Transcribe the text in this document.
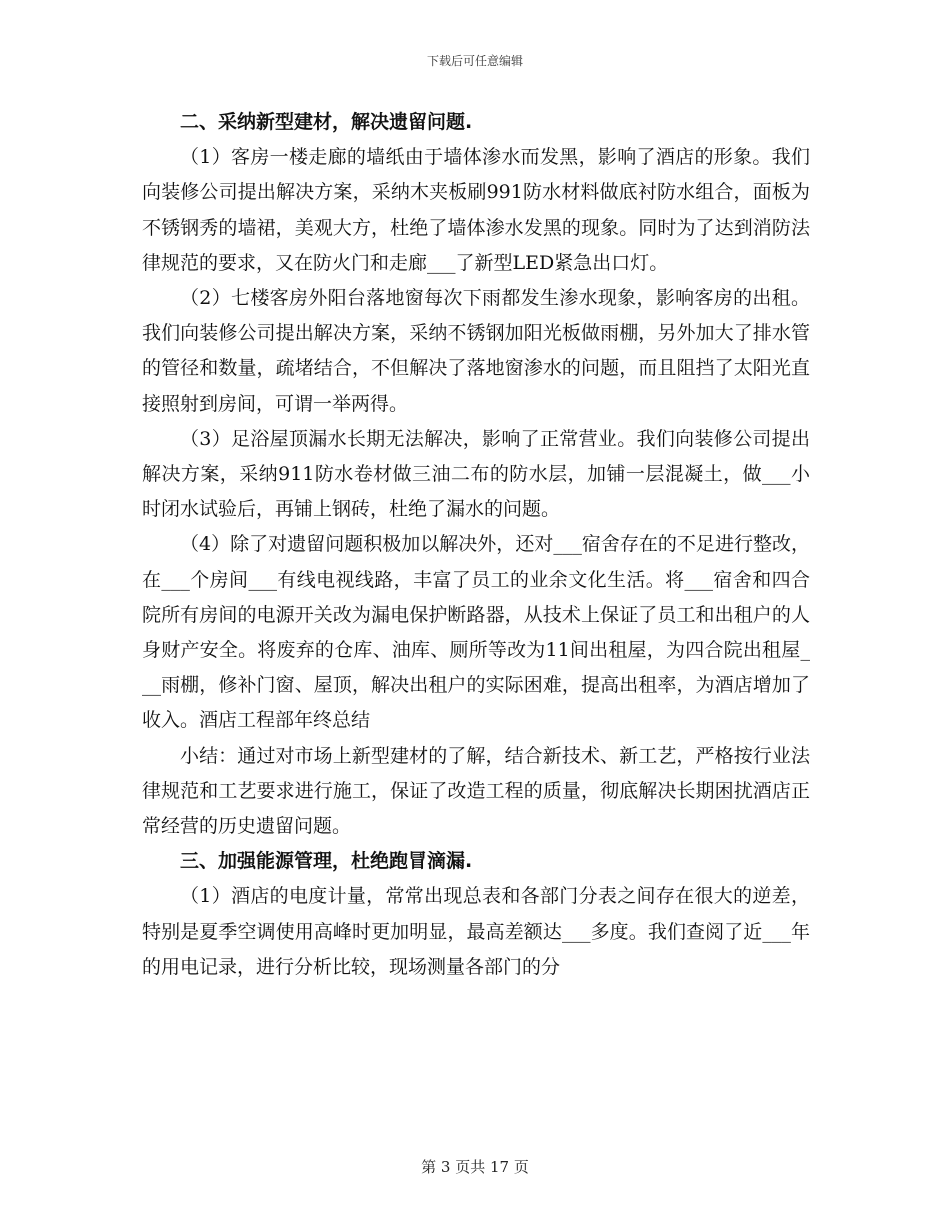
下载后可任意编辑

二、采纳新型建材，解决遗留问题.

（1）客房一楼走廊的墙纸由于墙体渗水而发黑，影响了酒店的形象。我们向装修公司提出解决方案，采纳木夹板刷991防水材料做底衬防水组合，面板为不锈钢秀的墙裙，美观大方，杜绝了墙体渗水发黑的现象。同时为了达到消防法律规范的要求，又在防火门和走廊___了新型LED紧急出口灯。

（2）七楼客房外阳台落地窗每次下雨都发生渗水现象，影响客房的出租。我们向装修公司提出解决方案，采纳不锈钢加阳光板做雨棚，另外加大了排水管的管径和数量，疏堵结合，不但解决了落地窗渗水的问题，而且阻挡了太阳光直接照射到房间，可谓一举两得。

（3）足浴屋顶漏水长期无法解决，影响了正常营业。我们向装修公司提出解决方案，采纳911防水卷材做三油二布的防水层，加铺一层混凝土，做___小时闭水试验后，再铺上钢砖，杜绝了漏水的问题。

（4）除了对遗留问题积极加以解决外，还对___宿舍存在的不足进行整改，在___个房间___有线电视线路，丰富了员工的业余文化生活。将___宿舍和四合院所有房间的电源开关改为漏电保护断路器，从技术上保证了员工和出租户的人身财产安全。将废弃的仓库、油库、厕所等改为11间出租屋，为四合院出租屋___雨棚，修补门窗、屋顶，解决出租户的实际困难，提高出租率，为酒店增加了收入。酒店工程部年终总结

小结：通过对市场上新型建材的了解，结合新技术、新工艺，严格按行业法律规范和工艺要求进行施工，保证了改造工程的质量，彻底解决长期困扰酒店正常经营的历史遗留问题。

三、加强能源管理，杜绝跑冒滴漏.

（1）酒店的电度计量，常常出现总表和各部门分表之间存在很大的逆差，特别是夏季空调使用高峰时更加明显，最高差额达___多度。我们查阅了近___年的用电记录，进行分析比较，现场测量各部门的分

第 3 页共 17 页
